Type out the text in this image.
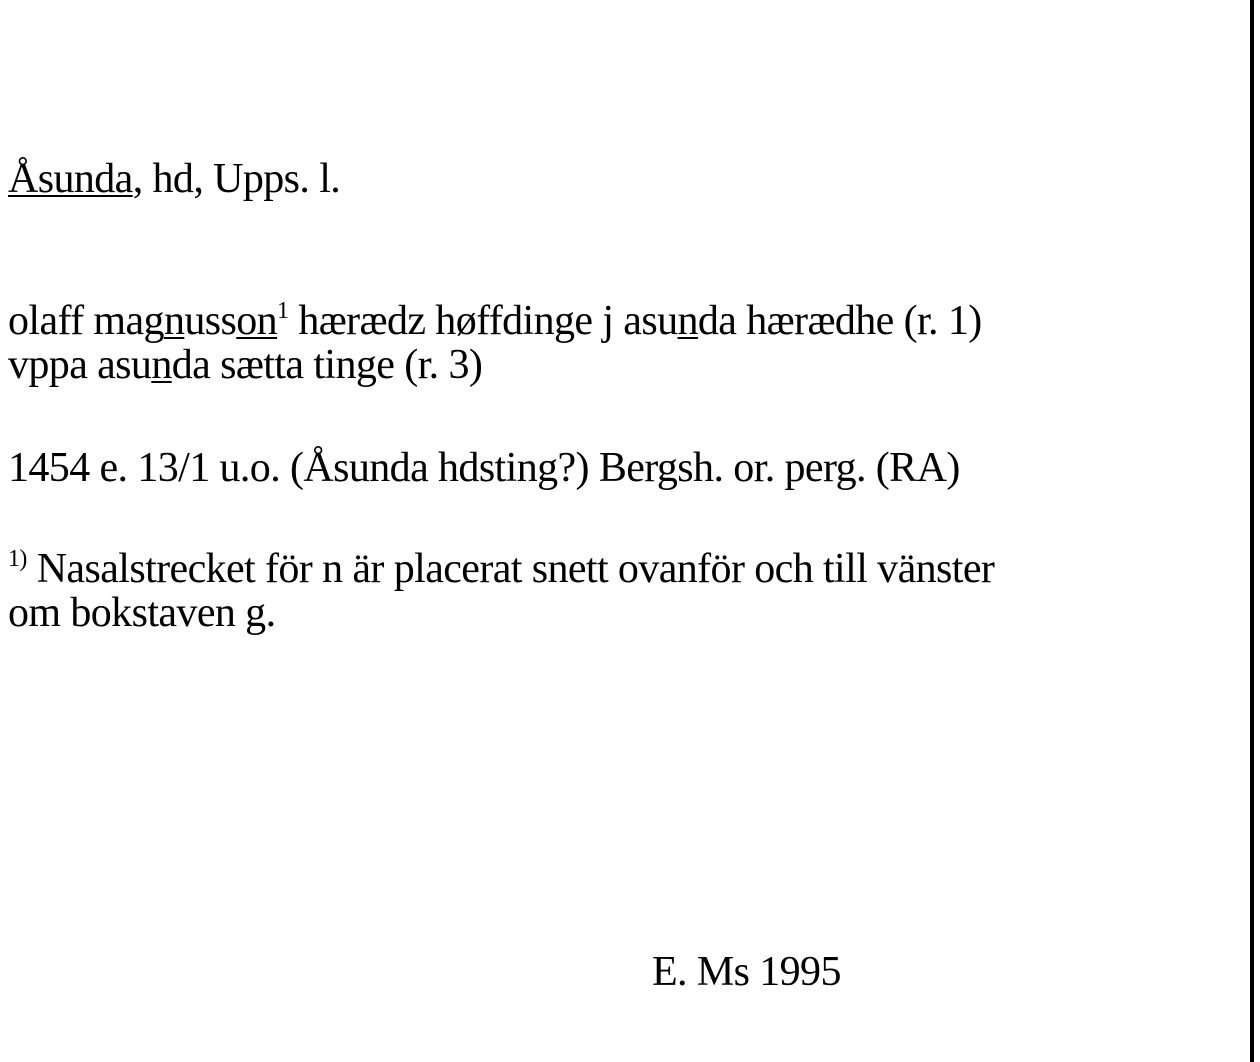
Åsunda, hd, Upps. l.
olaff magnusson$^1$ hærædz høffdinge j asunda hærædhe (r. 1)
vppa asunda sætta tinge (r. 3)
1454 e. 13/1 u.o. (Åsunda hdsting?) Bergsh. or. perg. (RA)
$^{1)}$ Nasalstrecket för n är placerat snett ovanför och till vänster
om bokstaven g.
E. Ms 1995
